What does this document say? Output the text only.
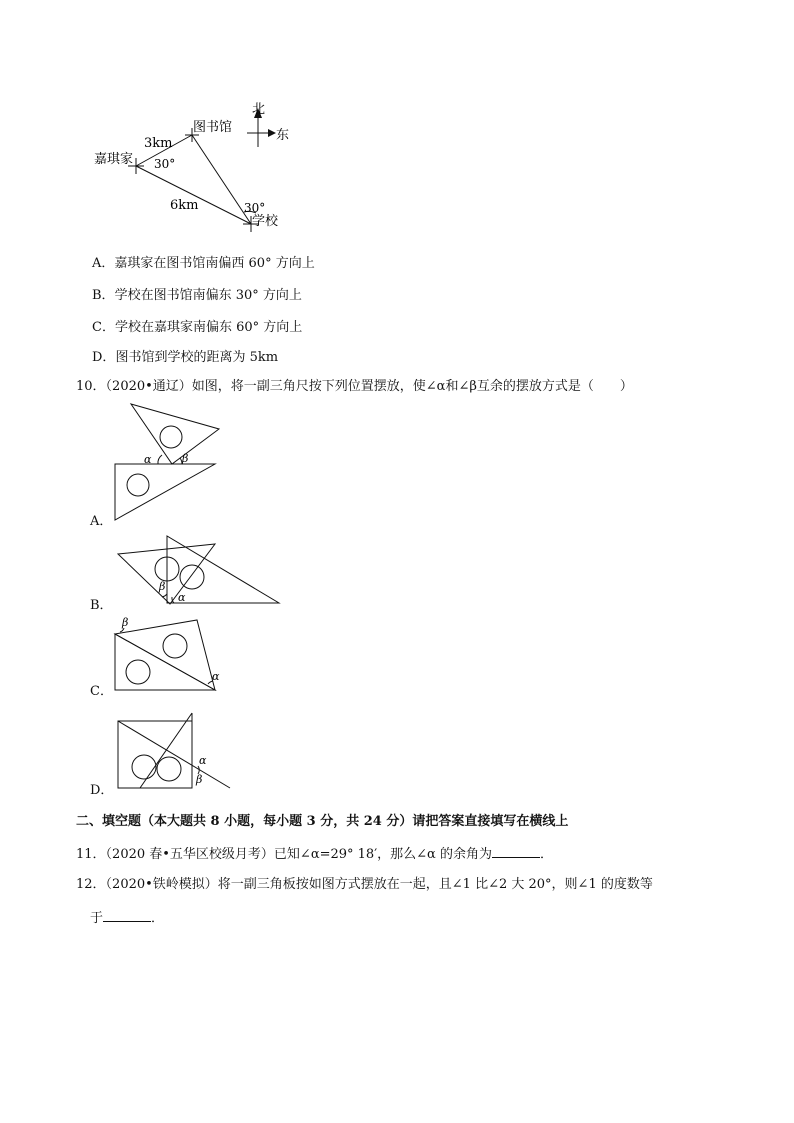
北
东
图书馆
嘉琪家
学校
3km
6km
30°
30°
A．嘉琪家在图书馆南偏西 60° 方向上
B．学校在图书馆南偏东 30° 方向上
C．学校在嘉琪家南偏东 60° 方向上
D．图书馆到学校的距离为 5km
10．（2020•通辽）如图，将一副三角尺按下列位置摆放，使∠α和∠β互余的摆放方式是（　　）
A．
α	β
B．
β
α
C．
β
α
D．
α
β
二、填空题（本大题共 8 小题，每小题 3 分，共 24 分）请把答案直接填写在横线上
11．（2020 春•五华区校级月考）已知∠α=29° 18′，那么∠α 的余角为	．
12．（2020•铁岭模拟）将一副三角板按如图方式摆放在一起，且∠1 比∠2 大 20°，则∠1 的度数等
于	．
